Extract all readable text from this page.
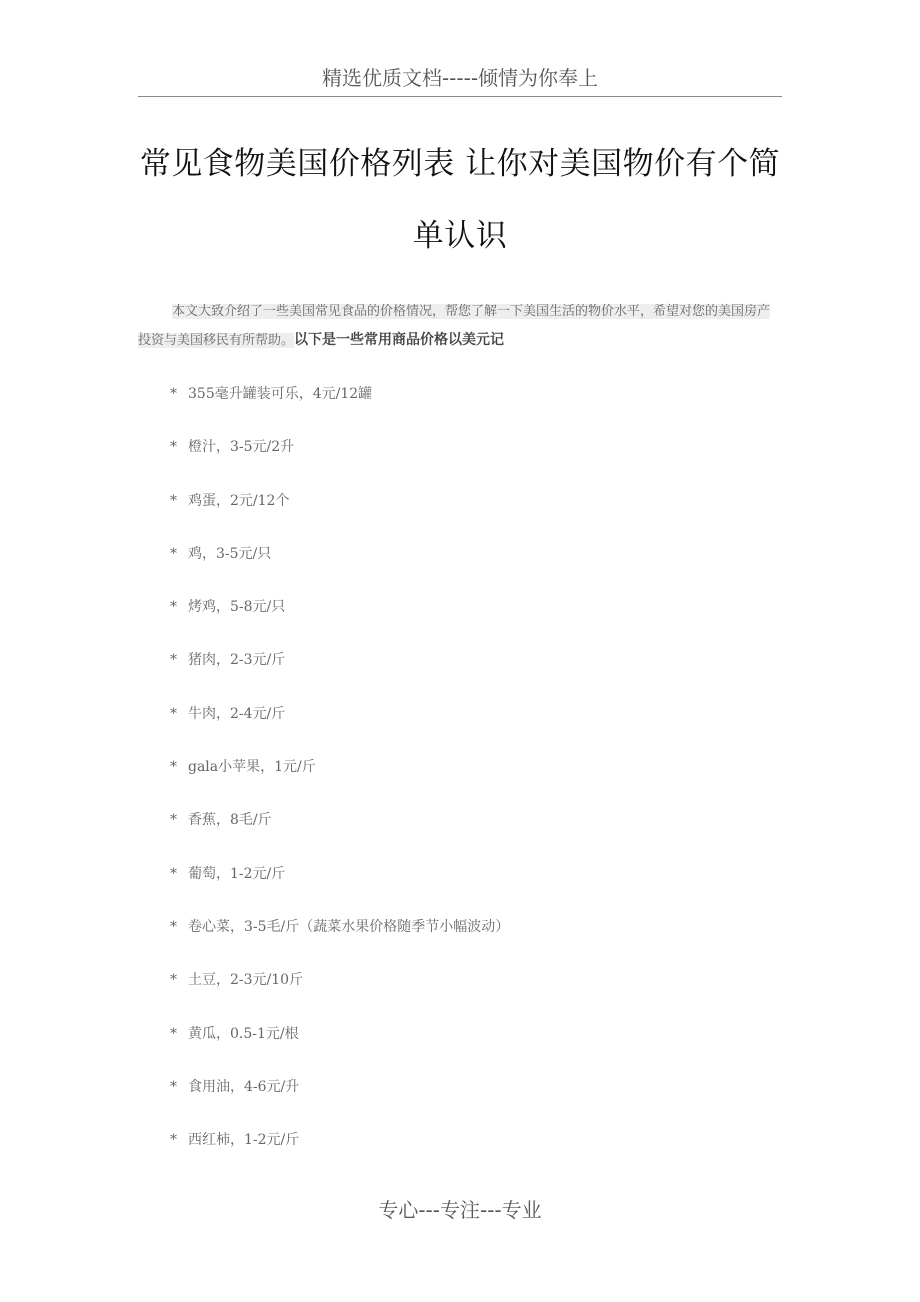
精选优质文档-----倾情为你奉上
常见食物美国价格列表 让你对美国物价有个简
单认识
本文大致介绍了一些美国常见食品的价格情况，帮您了解一下美国生活的物价水平，希望对您的美国房产投资与美国移民有所帮助。以下是一些常用商品价格以美元记
* 355毫升罐装可乐，4元/12罐
* 橙汁，3-5元/2升
* 鸡蛋，2元/12个
* 鸡，3-5元/只
* 烤鸡，5-8元/只
* 猪肉，2-3元/斤
* 牛肉，2-4元/斤
* gala小苹果，1元/斤
* 香蕉，8毛/斤
* 葡萄，1-2元/斤
* 卷心菜，3-5毛/斤（蔬菜水果价格随季节小幅波动）
* 土豆，2-3元/10斤
* 黄瓜，0.5-1元/根
* 食用油，4-6元/升
* 西红柿，1-2元/斤
专心---专注---专业
